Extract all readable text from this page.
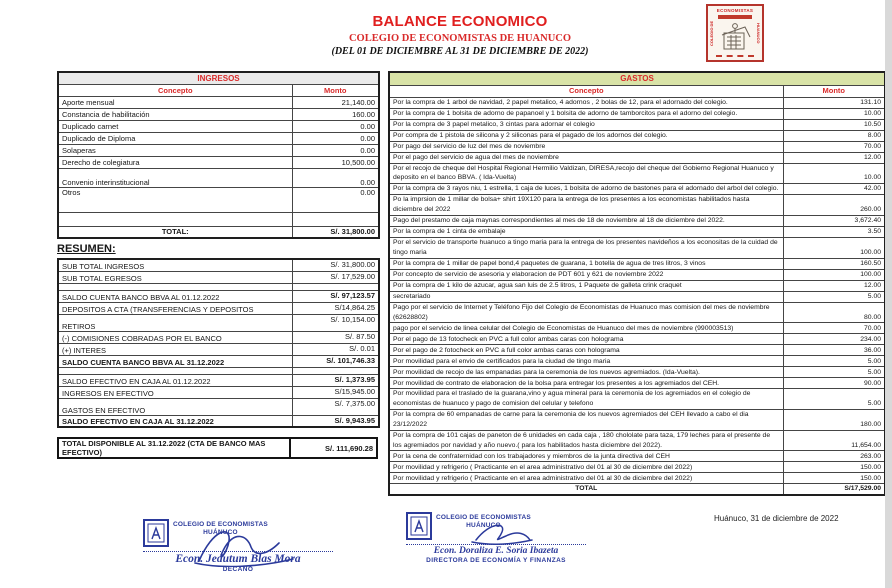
BALANCE ECONOMICO
COLEGIO DE ECONOMISTAS DE HUANUCO
(DEL 01 DE DICIEMBRE AL 31 DE DICIEMBRE DE 2022)
ECONOMISTAS
COLEGIO DE	HUANUCO
INGRESOS	
Concepto	Monto
Aporte mensual	21,140.00
Constancia de habilitación	160.00
Duplicado carnet	0.00
Duplicado de Diploma	0.00
Solaperas	0.00
Derecho de colegiatura	10,500.00
Convenio interinstitucional	0.00
Otros	0.00

TOTAL:	S/. 31,800.00
RESUMEN:
SUB TOTAL INGRESOS	S/. 31,800.00
SUB TOTAL EGRESOS	S/. 17,529.00

SALDO CUENTA BANCO BBVA AL 01.12.2022	S/. 97,123.57
DEPOSITOS A CTA (TRANSFERENCIAS Y DEPOSITOS	S/14,864.25
RETIROS	S/. 10,154.00
(-) COMISIONES COBRADAS POR EL BANCO	S/. 87.50
(+) INTERES	S/. 0.01
SALDO CUENTA BANCO BBVA AL 31.12.2022	S/. 101,746.33

SALDO EFECTIVO EN CAJA AL 01.12.2022	S/. 1,373.95
INGRESOS EN EFECTIVO	S/15,945.00
GASTOS EN EFECTIVO	S/. 7,375.00
SALDO EFECTIVO EN CAJA AL 31.12.2022	S/. 9,943.95
TOTAL DISPONIBLE AL 31.12.2022 (CTA DE BANCO MAS EFECTIVO)	S/. 111,690.28
GASTOS	
Concepto	Monto
Por la compra de 1 arbol de navidad, 2 papel metalico, 4 adornos , 2 bolas de 12, para el adornado del colegio.	131.10
Por la compra de 1 bolsita de adorno de papanoel y 1 bolsita de adorno de tamborcitos para el adorno del colegio.	10.00
Por la compra de 3 papel metalico, 3 cintas para adornar el colegio	10.50
Por compra de 1 pistola de silicona y 2 siliconas para el pagado de los adornos del colegio.	8.00
Por pago del servicio de luz del mes de noviembre	70.00
Por el pago del servicio de agua del mes de noviembre	12.00
Por el recojo de cheque del Hospital Regional Hermilio Valdizan, DIRESA,recojo del cheque del Gobierno Regional Huanuco y deposito en el banco BBVA. ( Ida-Vuelta)	10.00
Por la compra de 3 rayos niu, 1 estrella, 1 caja de luces, 1 bolsita de adorno de bastones para el adornado del arbol del colegio.	42.00
Po la imprsion de 1 millar de bolsa+ shirt 19X120 para la entrega de los presentes a los economistas habilitados hasta diciembre del 2022	260.00
Pago del prestamo de caja maynas correspondientes al mes de 18 de noviembre al 18 de diciembre del 2022.	3,672.40
Por la compra de 1 cinta de embalaje	3.50
Por el servicio de transporte huanuco a tingo maria para la entrega de los presentes navideños a los econositas de la cuidad de tingo maria	100.00
Por la compra de 1 millar de papel bond,4 paquetes de guarana, 1 botella de agua de tres litros, 3 vinos	160.50
Por concepto de servicio de asesoria y elaboracion de PDT 601 y 621 de noviembre 2022	100.00
Por la compra de 1 kilo de azucar, agua san luis de 2.5 litros, 1 Paquete de galleta crink craquet	12.00
secretariado	5.00
Pago por el servicio de Internet y Teléfono Fijo del Colegio de Economistas de Huanuco mas comision del mes de noviembre (62628802)	80.00
pago por el servicio de linea celular del Colegio de Economistas de Huanuco del mes de noviembre (990003513)	70.00
Por el pago de 13 fotocheck en PVC a full color ambas caras con holograma	234.00
Por el pago de 2 fotocheck en PVC a full color ambas caras con holograma	36.00
Por movilidad para el envio de certificados para la ciudad de tingo maria	5.00
Por movilidad de recojo de las empanadas para la ceremonia de los nuevos agremiados. (Ida-Vuelta).	5.00
Por movilidad de contrato de elaboracion de la bolsa para entregar los presentes a los agremiados del CEH.	90.00
Por movilidad para el traslado de la guarana,vino y agua mineral para la ceremonia de los agremiados en el colegio de economistas de huanuco y pago de comision del celular y telefono	5.00
Por la compra de 60 empanadas de carne para la ceremonia de los nuevos agremiados del CEH llevado a cabo el dia 23/12/2022	180.00
Por la compra de 101 cajas de paneton de 6 unidades en cada caja , 180 chololate para taza, 179 leches para el presente de los agremiados por navidad y año nuevo.( para los habilitados hasta diciembre del 2022).	11,654.00
Por la cena de confraternidad con los trabajadores y miembros de la junta directiva del CEH	263.00
Por movilidad y refrigerio ( Practicante en el area administrativo del 01 al 30 de diciembre del 2022)	150.00
Por movilidad y refrigerio ( Practicante en el area administrativo del 01 al 30 de diciembre del 2022)	150.00
TOTAL	S/17,529.00
Huánuco, 31 de diciembre de 2022
COLEGIO DE ECONOMISTAS
HUÁNUCO
Econ. Jedutum Blas Mora
DECANO
COLEGIO DE ECONOMISTAS
HUÁNUCO
Econ. Doraliza E. Soria Ibazeta
DIRECTORA DE ECONOMÍA Y FINANZAS
